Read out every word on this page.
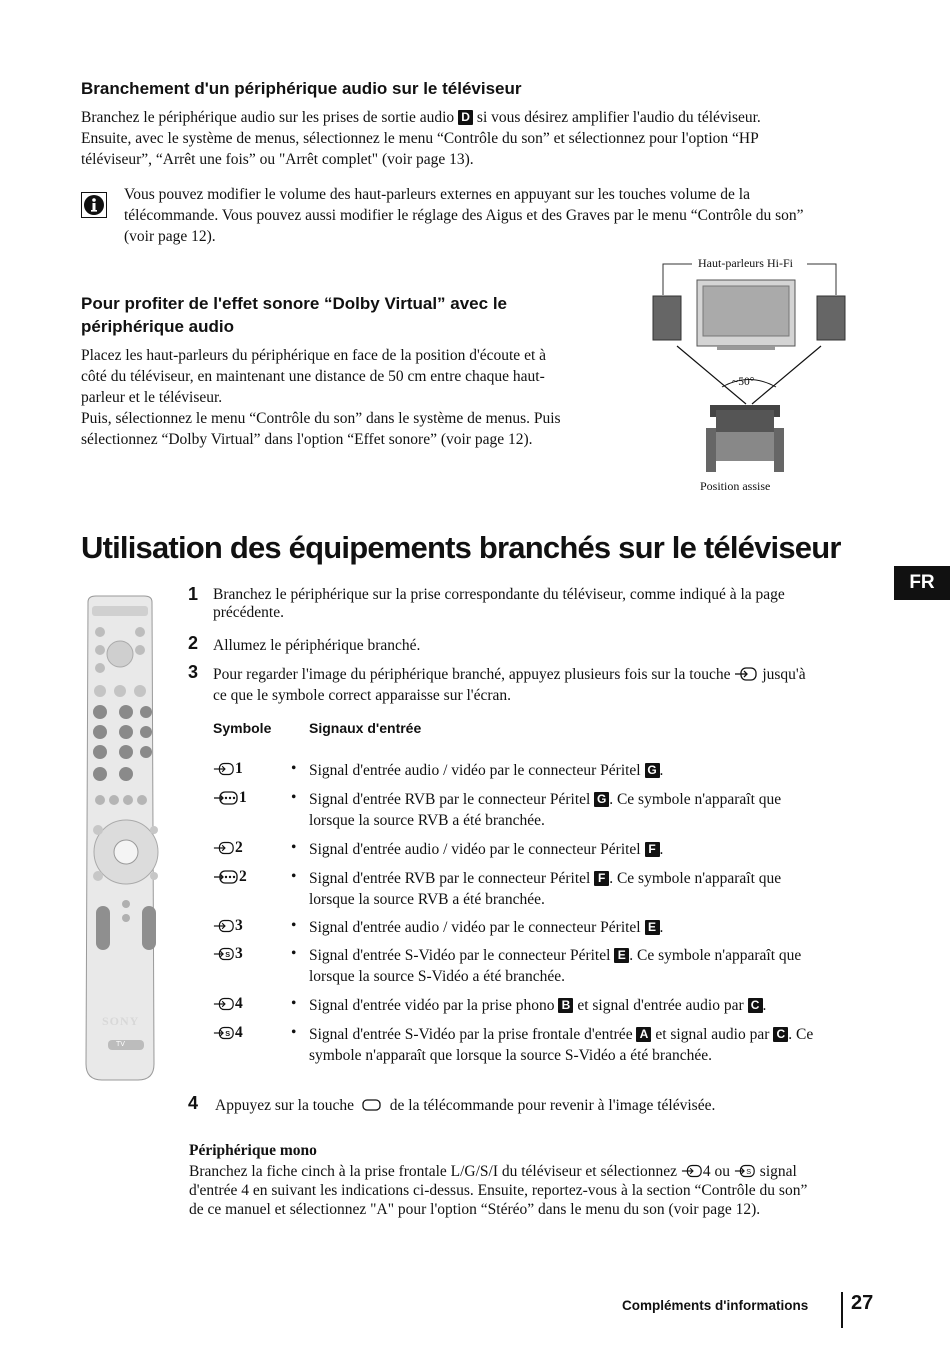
Branchement d'un périphérique audio sur le téléviseur
Branchez le périphérique audio sur les prises de sortie audio D si vous désirez amplifier l'audio du téléviseur.
Ensuite, avec le système de menus, sélectionnez le menu “Contrôle du son” et sélectionnez pour l'option “HP
téléviseur”, “Arrêt une fois” ou "Arrêt complet" (voir page 13).
Vous pouvez modifier le volume des haut-parleurs externes en appuyant sur les touches volume de la
télécommande. Vous pouvez aussi modifier le réglage des Aigus et des Graves par le menu “Contrôle du son”
(voir page 12).
Pour profiter de l'effet sonore “Dolby Virtual” avec le
périphérique audio
Placez les haut-parleurs du périphérique en face de la position d'écoute et à
côté du téléviseur, en maintenant une distance de 50 cm entre chaque haut-
parleur et le téléviseur.
Puis, sélectionnez le menu “Contrôle du son” dans le système de menus. Puis
sélectionnez “Dolby Virtual” dans l'option “Effet sonore” (voir page 12).
Haut-parleurs Hi-Fi
~50°
Position assise
Utilisation des équipements branchés sur le téléviseur
FR
SONY
TV
1 Branchez le périphérique sur la prise correspondante du téléviseur, comme indiqué à la page
précédente.
2 Allumez le périphérique branché.
3 Pour regarder l'image du périphérique branché, appuyez plusieurs fois sur la touche jusqu'à
ce que le symbole correct apparaisse sur l'écran.
Symbole	Signaux d'entrée
1	• Signal d'entrée audio / vidéo par le connecteur Péritel G .
1	• Signal d'entrée RVB par le connecteur Péritel G . Ce symbole n'apparaît que
lorsque la source RVB a été branchée.
2	• Signal d'entrée audio / vidéo par le connecteur Péritel F .
2	• Signal d'entrée RVB par le connecteur Péritel F . Ce symbole n'apparaît que
lorsque la source RVB a été branchée.
3	• Signal d'entrée audio / vidéo par le connecteur Péritel E .
S 3	• Signal d'entrée S-Vidéo par le connecteur Péritel E . Ce symbole n'apparaît que
lorsque la source S-Vidéo a été branchée.
4	• Signal d'entrée vidéo par la prise phono B et signal d'entrée audio par C .
S 4	• Signal d'entrée S-Vidéo par la prise frontale d'entrée A et signal audio par C . Ce
symbole n'apparaît que lorsque la source S-Vidéo a été branchée.
4 Appuyez sur la touche de la télécommande pour revenir à l'image télévisée.
Périphérique mono
Branchez la fiche cinch à la prise frontale L/G/S/I du téléviseur et sélectionnez 4 ou S signal
d'entrée 4 en suivant les indications ci-dessus. Ensuite, reportez-vous à la section “Contrôle du son”
de ce manuel et sélectionnez "A" pour l'option “Stéréo” dans le menu du son (voir page 12).
Compléments d'informations 27
